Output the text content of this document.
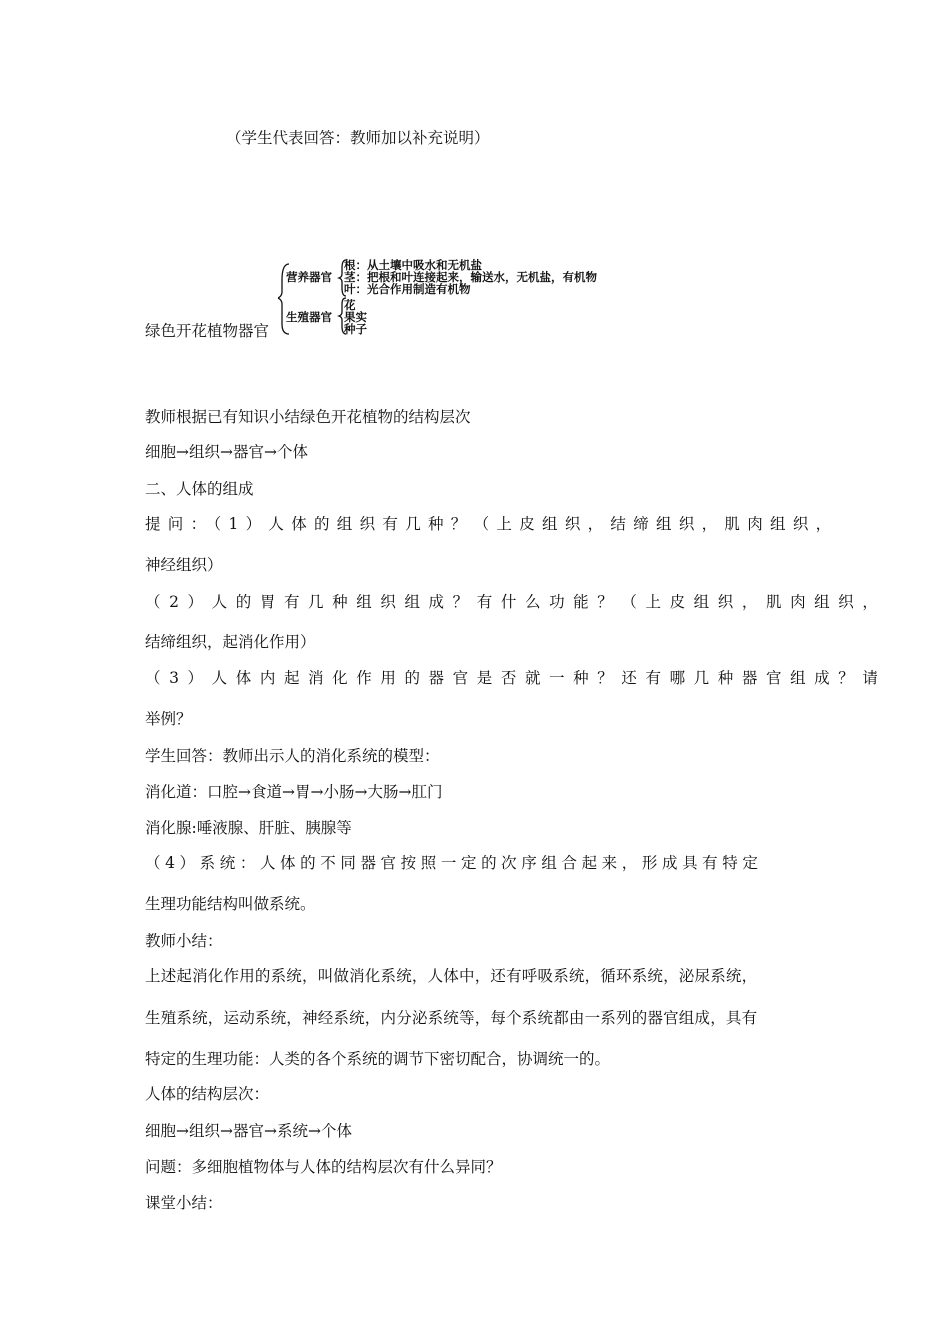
（学生代表回答：教师加以补充说明）
营养器官
生殖器官
根：从土壤中吸水和无机盐
茎：把根和叶连接起来，输送水，无机盐，有机物
叶：光合作用制造有机物
花
果实
种子
绿色开花植物器官
教师根据已有知识小结绿色开花植物的结构层次
细胞→组织→器官→个体
二、人体的组成
提问：（1）人体的组织有几种？（上皮组织，结缔组织，肌肉组织，
神经组织）
（2）人的胃有几种组织组成？有什么功能？（上皮组织，肌肉组织，
结缔组织，起消化作用）
（3）人体内起消化作用的器官是否就一种？还有哪几种器官组成？请
举例？
学生回答：教师出示人的消化系统的模型：
消化道：口腔→食道→胃→小肠→大肠→肛门
消化腺:唾液腺、肝脏、胰腺等
（4）系统：人体的不同器官按照一定的次序组合起来，形成具有特定
生理功能结构叫做系统。
教师小结：
上述起消化作用的系统，叫做消化系统，人体中，还有呼吸系统，循环系统，泌尿系统，
生殖系统，运动系统，神经系统，内分泌系统等，每个系统都由一系列的器官组成，具有
特定的生理功能：人类的各个系统的调节下密切配合，协调统一的。
人体的结构层次：
细胞→组织→器官→系统→个体
问题：多细胞植物体与人体的结构层次有什么异同？
课堂小结：
